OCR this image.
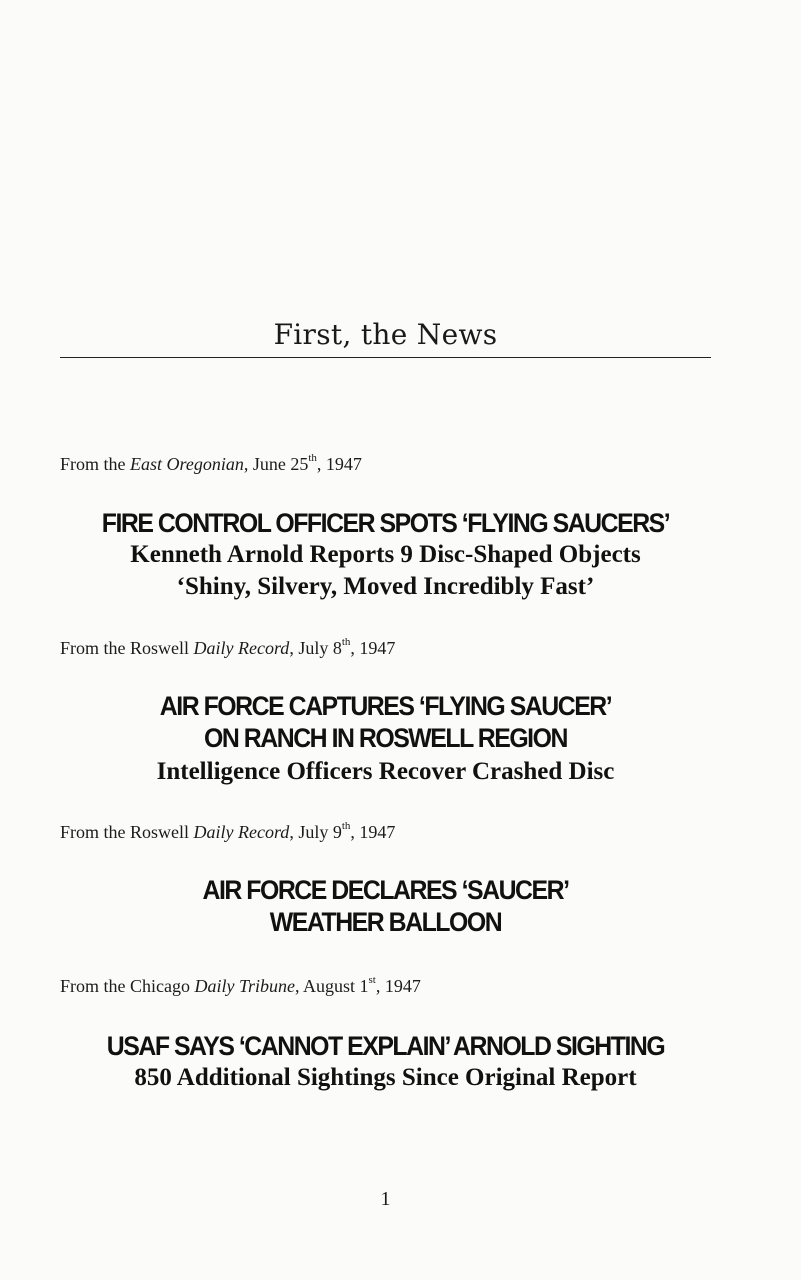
First, the News
From the East Oregonian, June 25th, 1947
FIRE CONTROL OFFICER SPOTS ‘FLYING SAUCERS’
Kenneth Arnold Reports 9 Disc-Shaped Objects
‘Shiny, Silvery, Moved Incredibly Fast’
From the Roswell Daily Record, July 8th, 1947
AIR FORCE CAPTURES ‘FLYING SAUCER’
ON RANCH IN ROSWELL REGION
Intelligence Officers Recover Crashed Disc
From the Roswell Daily Record, July 9th, 1947
AIR FORCE DECLARES ‘SAUCER’
WEATHER BALLOON
From the Chicago Daily Tribune, August 1st, 1947
USAF SAYS ‘CANNOT EXPLAIN’ ARNOLD SIGHTING
850 Additional Sightings Since Original Report
1
